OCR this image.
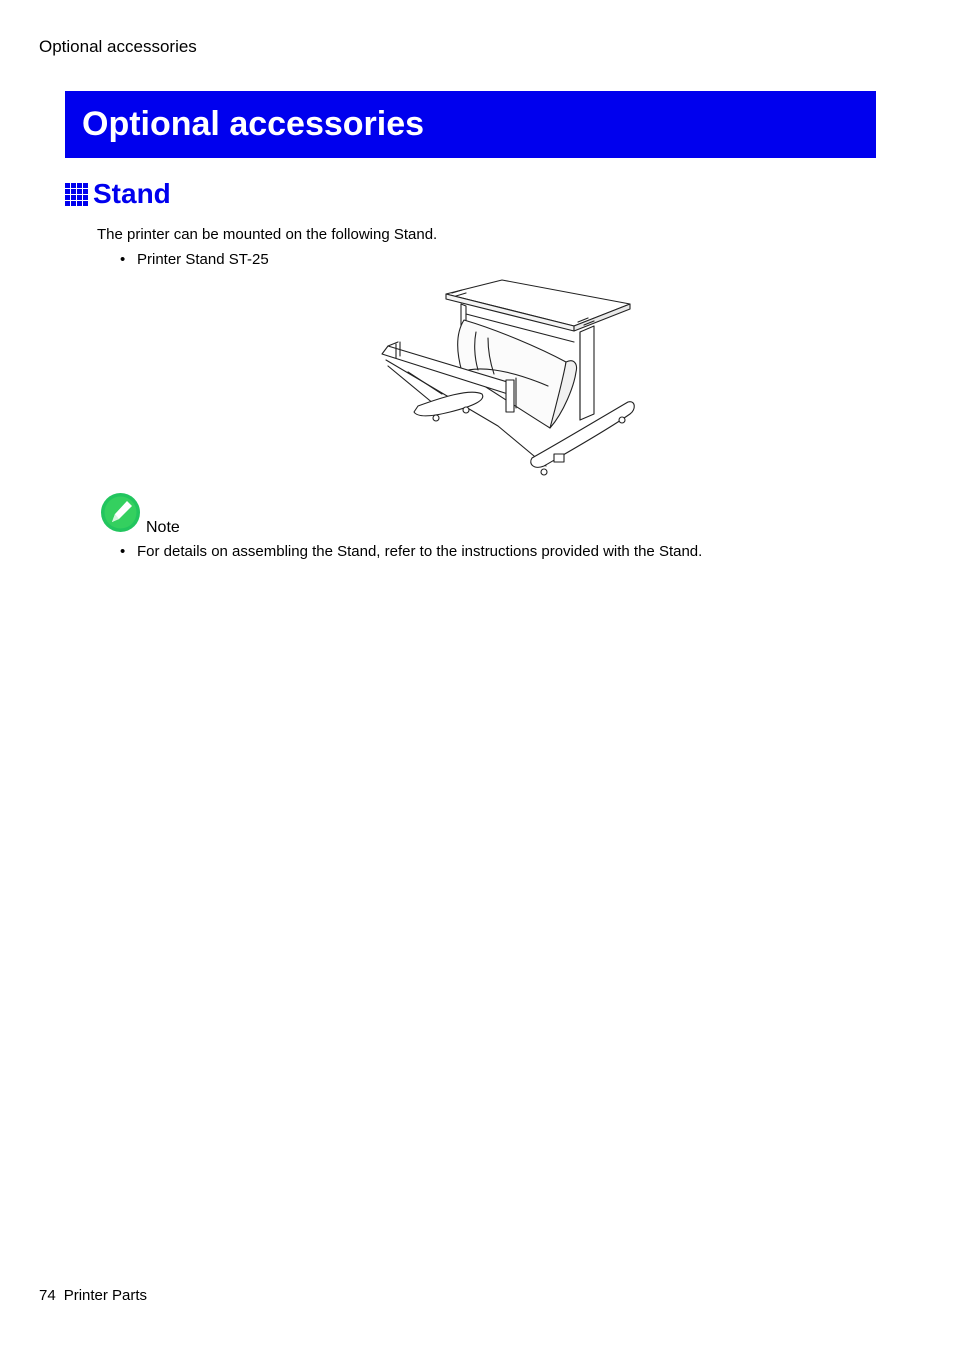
Optional accessories
Optional accessories
Stand
The printer can be mounted on the following Stand.
• Printer Stand ST-25
Note
• For details on assembling the Stand, refer to the instructions provided with the Stand.
74 Printer Parts
